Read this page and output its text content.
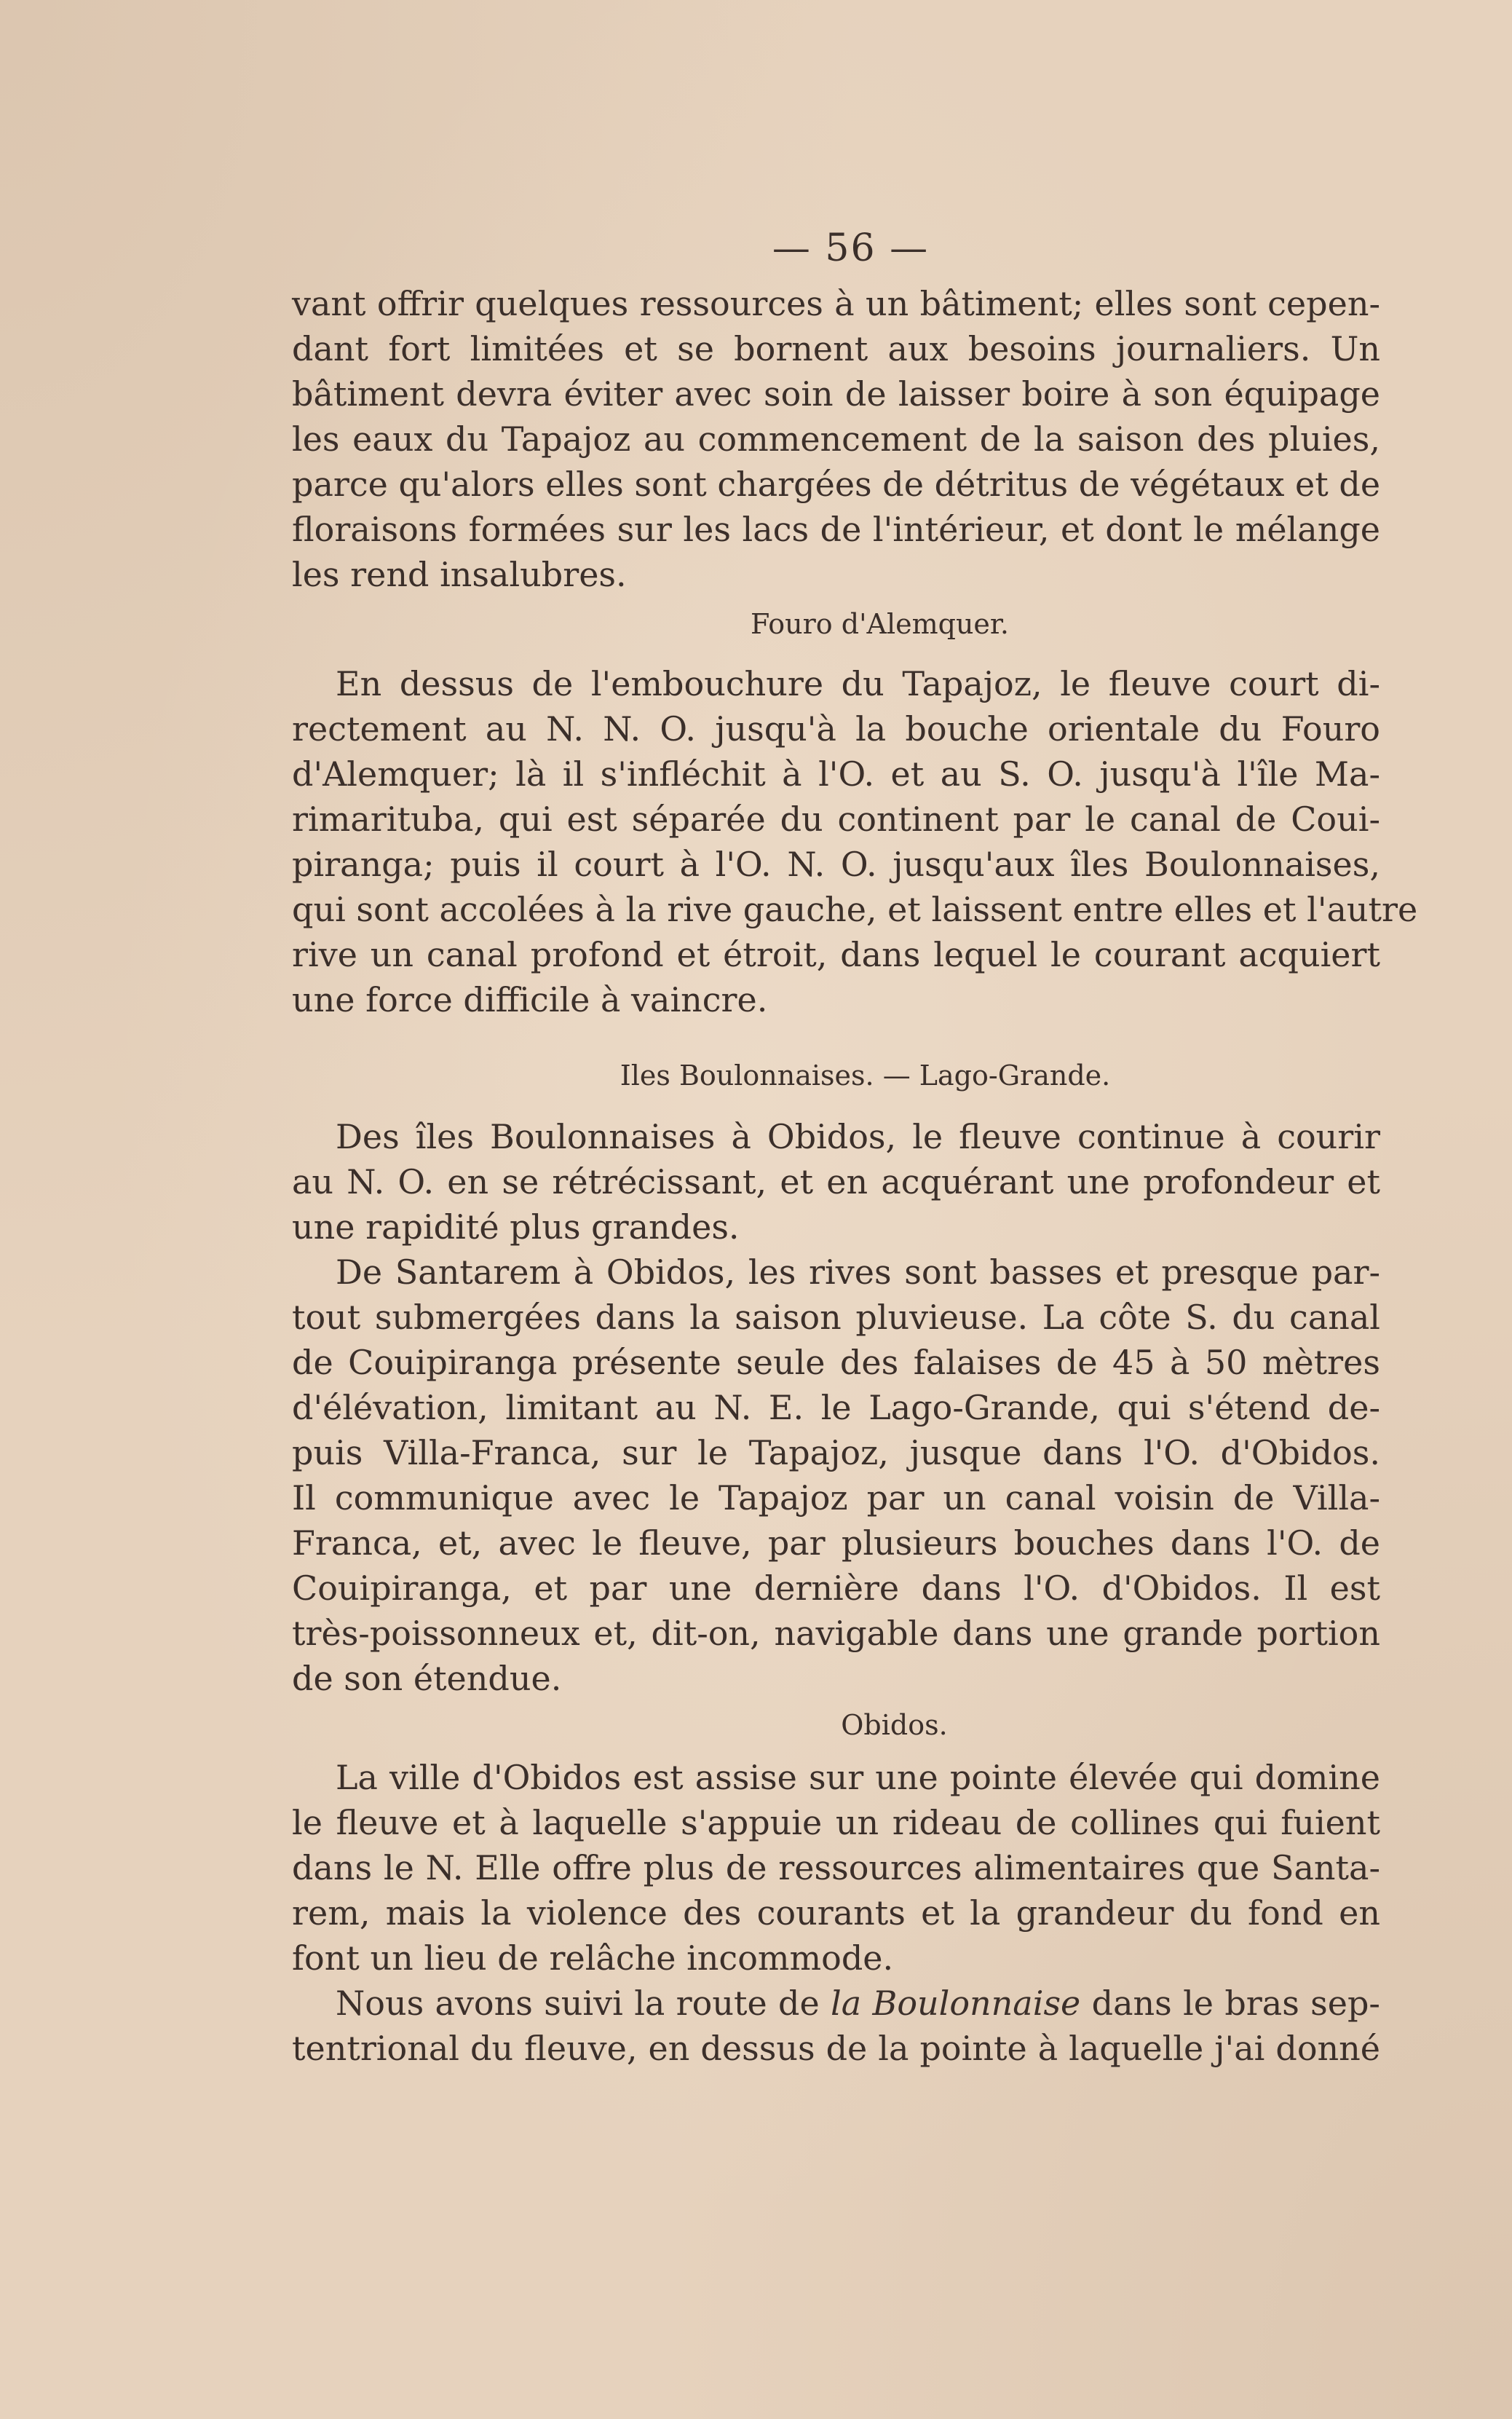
— 56 —
vant offrir quelques ressources à un bâtiment; elles sont cepen-
dant fort limitées et se bornent aux besoins journaliers. Un
bâtiment devra éviter avec soin de laisser boire à son équipage
les eaux du Tapajoz au commencement de la saison des pluies,
parce qu'alors elles sont chargées de détritus de végétaux et de
floraisons formées sur les lacs de l'intérieur, et dont le mélange
les rend insalubres.
Fouro d'Alemquer.
En dessus de l'embouchure du Tapajoz, le fleuve court di-
rectement au N. N. O. jusqu'à la bouche orientale du Fouro
d'Alemquer; là il s'infléchit à l'O. et au S. O. jusqu'à l'île Ma-
rimarituba, qui est séparée du continent par le canal de Coui-
piranga; puis il court à l'O. N. O. jusqu'aux îles Boulonnaises,
qui sont accolées à la rive gauche, et laissent entre elles et l'autre
rive un canal profond et étroit, dans lequel le courant acquiert
une force difficile à vaincre.
Iles Boulonnaises. — Lago-Grande.
Des îles Boulonnaises à Obidos, le fleuve continue à courir
au N. O. en se rétrécissant, et en acquérant une profondeur et
une rapidité plus grandes.
De Santarem à Obidos, les rives sont basses et presque par-
tout submergées dans la saison pluvieuse. La côte S. du canal
de Couipiranga présente seule des falaises de 45 à 50 mètres
d'élévation, limitant au N. E. le Lago-Grande, qui s'étend de-
puis Villa-Franca, sur le Tapajoz, jusque dans l'O. d'Obidos.
Il communique avec le Tapajoz par un canal voisin de Villa-
Franca, et, avec le fleuve, par plusieurs bouches dans l'O. de
Couipiranga, et par une dernière dans l'O. d'Obidos. Il est
très-poissonneux et, dit-on, navigable dans une grande portion
de son étendue.
Obidos.
La ville d'Obidos est assise sur une pointe élevée qui domine
le fleuve et à laquelle s'appuie un rideau de collines qui fuient
dans le N. Elle offre plus de ressources alimentaires que Santa-
rem, mais la violence des courants et la grandeur du fond en
font un lieu de relâche incommode.
Nous avons suivi la route de la Boulonnaise dans le bras sep-
tentrional du fleuve, en dessus de la pointe à laquelle j'ai donné
